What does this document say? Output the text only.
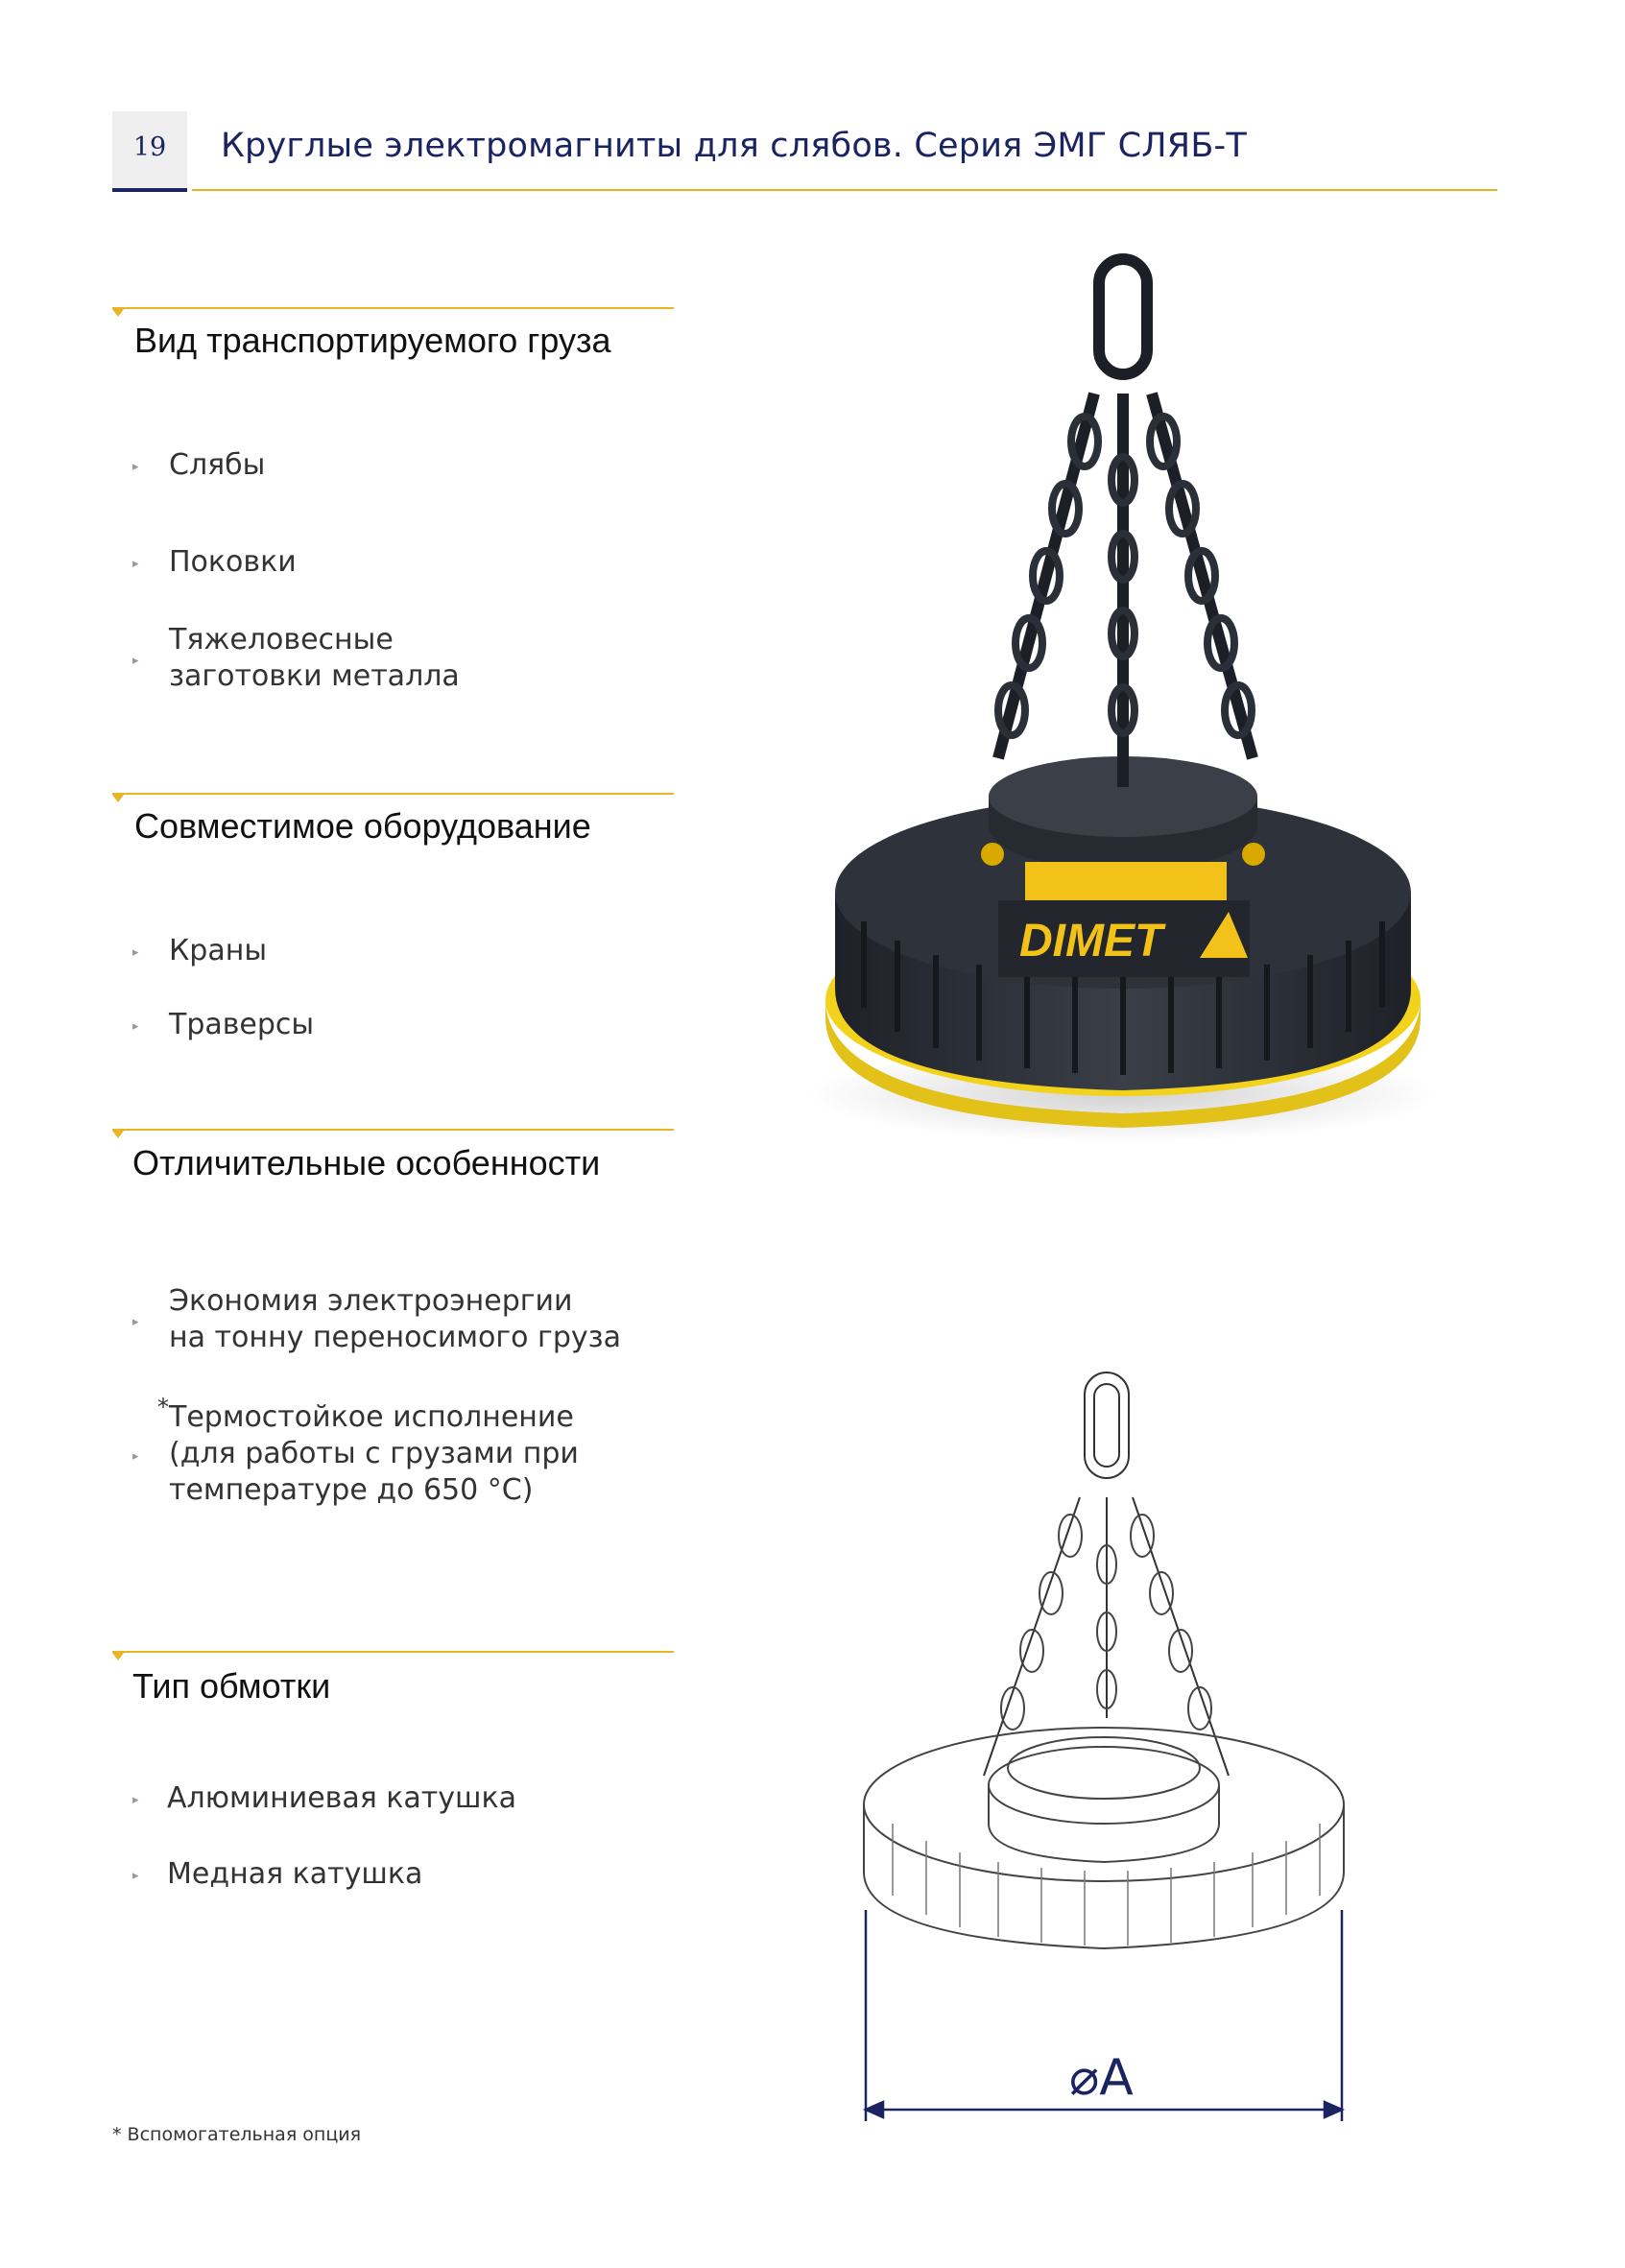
19	Круглые электромагниты для слябов. Серия ЭМГ СЛЯБ-Т
Вид транспортируемого груза
▸ Слябы
▸ Поковки
▸
Тяжеловесные
заготовки металла
Совместимое оборудование
▸ Краны
▸ Траверсы
Отличительные особенности
▸
Экономия электроэнергии
на тонну переносимого груза
*
▸
Термостойкое исполнение
(для работы с грузами при
температуре до 650 °С)
Тип обмотки
▸ Алюминиевая катушка
▸ Медная катушка
DIMET
⌀A
* Вспомогательная опция
